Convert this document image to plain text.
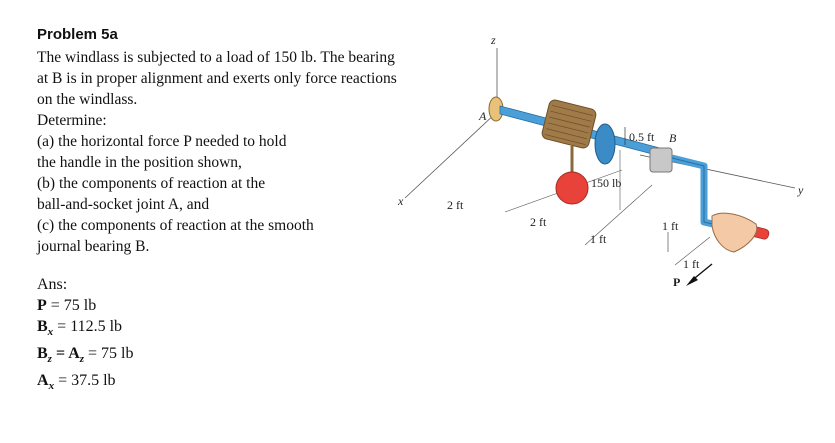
Problem 5a
The windlass is subjected to a load of 150 lb. The bearing
at B is in proper alignment and exerts only force reactions
on the windlass.
Determine:
(a) the horizontal force P needed to hold
the handle in the position shown,
(b) the components of reaction at the
ball-and-socket joint A, and
(c) the components of reaction at the smooth
journal bearing B.
Ans:
P = 75 lb
$B_x = 112.5$ lb
$B_z = A_z = 75$ lb
$A_x = 37.5$ lb
z
x
y
A
150 lb
0.5 ft B
P
2 ft
2 ft
1 ft
1 ft
1 ft
